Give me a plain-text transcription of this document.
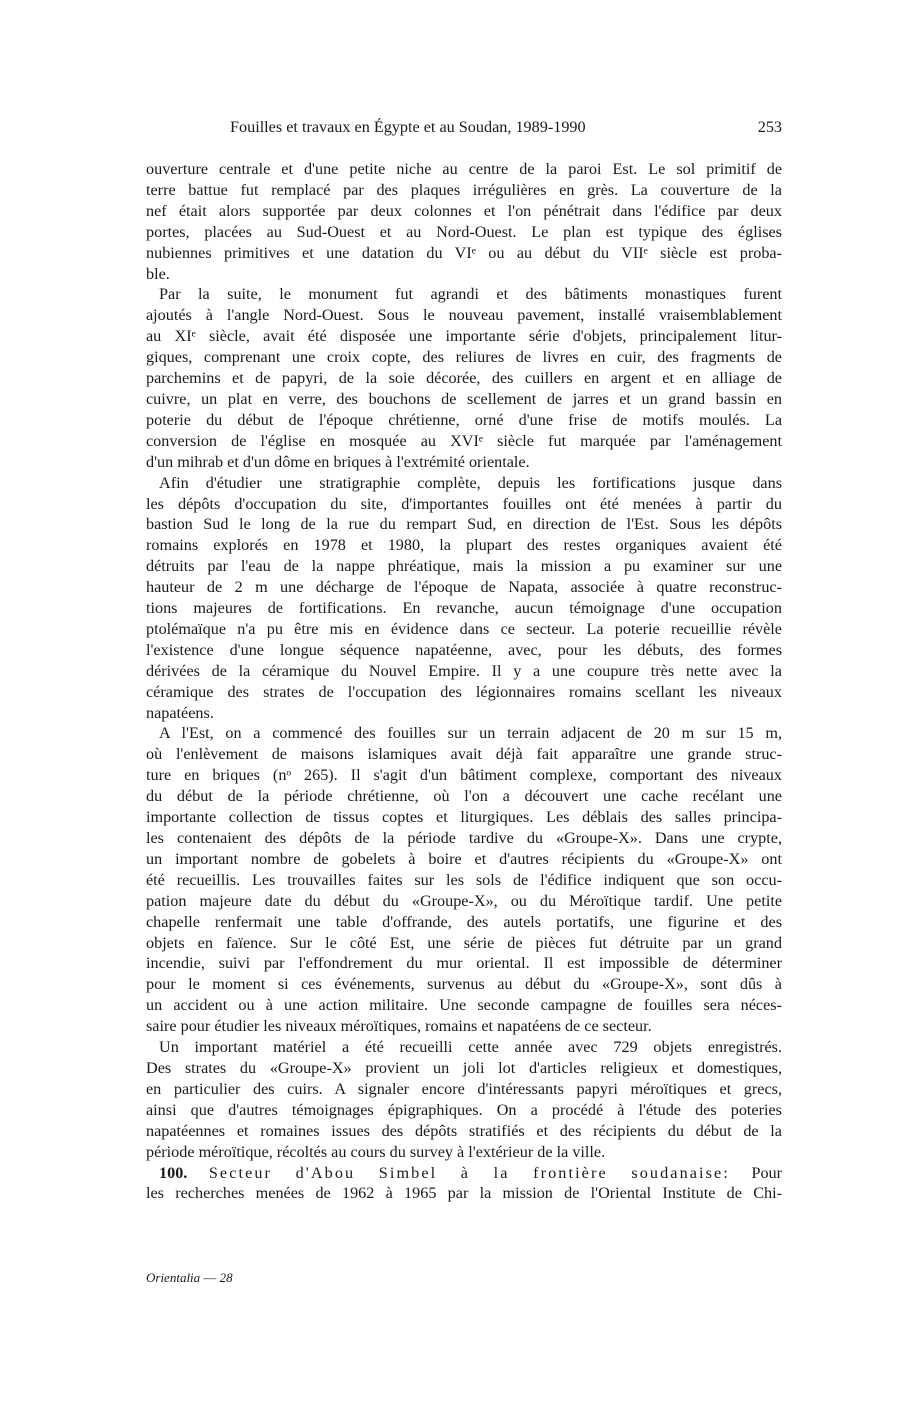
Fouilles et travaux en Égypte et au Soudan, 1989-1990	253
ouverture centrale et d'une petite niche au centre de la paroi Est. Le sol primitif de
terre battue fut remplacé par des plaques irrégulières en grès. La couverture de la
nef était alors supportée par deux colonnes et l'on pénétrait dans l'édifice par deux
portes, placées au Sud-Ouest et au Nord-Ouest. Le plan est typique des églises
nubiennes primitives et une datation du VIᵉ ou au début du VIIᵉ siècle est proba-
ble.
Par la suite, le monument fut agrandi et des bâtiments monastiques furent
ajoutés à l'angle Nord-Ouest. Sous le nouveau pavement, installé vraisemblablement
au XIᵉ siècle, avait été disposée une importante série d'objets, principalement litur-
giques, comprenant une croix copte, des reliures de livres en cuir, des fragments de
parchemins et de papyri, de la soie décorée, des cuillers en argent et en alliage de
cuivre, un plat en verre, des bouchons de scellement de jarres et un grand bassin en
poterie du début de l'époque chrétienne, orné d'une frise de motifs moulés. La
conversion de l'église en mosquée au XVIᵉ siècle fut marquée par l'aménagement
d'un mihrab et d'un dôme en briques à l'extrémité orientale.
Afin d'étudier une stratigraphie complète, depuis les fortifications jusque dans
les dépôts d'occupation du site, d'importantes fouilles ont été menées à partir du
bastion Sud le long de la rue du rempart Sud, en direction de l'Est. Sous les dépôts
romains explorés en 1978 et 1980, la plupart des restes organiques avaient été
détruits par l'eau de la nappe phréatique, mais la mission a pu examiner sur une
hauteur de 2 m une décharge de l'époque de Napata, associée à quatre reconstruc-
tions majeures de fortifications. En revanche, aucun témoignage d'une occupation
ptolémaïque n'a pu être mis en évidence dans ce secteur. La poterie recueillie révèle
l'existence d'une longue séquence napatéenne, avec, pour les débuts, des formes
dérivées de la céramique du Nouvel Empire. Il y a une coupure très nette avec la
céramique des strates de l'occupation des légionnaires romains scellant les niveaux
napatéens.
A l'Est, on a commencé des fouilles sur un terrain adjacent de 20 m sur 15 m,
où l'enlèvement de maisons islamiques avait déjà fait apparaître une grande struc-
ture en briques (nᵒ 265). Il s'agit d'un bâtiment complexe, comportant des niveaux
du début de la période chrétienne, où l'on a découvert une cache recélant une
importante collection de tissus coptes et liturgiques. Les déblais des salles principa-
les contenaient des dépôts de la période tardive du «Groupe-X». Dans une crypte,
un important nombre de gobelets à boire et d'autres récipients du «Groupe-X» ont
été recueillis. Les trouvailles faites sur les sols de l'édifice indiquent que son occu-
pation majeure date du début du «Groupe-X», ou du Méroïtique tardif. Une petite
chapelle renfermait une table d'offrande, des autels portatifs, une figurine et des
objets en faïence. Sur le côté Est, une série de pièces fut détruite par un grand
incendie, suivi par l'effondrement du mur oriental. Il est impossible de déterminer
pour le moment si ces événements, survenus au début du «Groupe-X», sont dûs à
un accident ou à une action militaire. Une seconde campagne de fouilles sera néces-
saire pour étudier les niveaux méroïtiques, romains et napatéens de ce secteur.
Un important matériel a été recueilli cette année avec 729 objets enregistrés.
Des strates du «Groupe-X» provient un joli lot d'articles religieux et domestiques,
en particulier des cuirs. A signaler encore d'intéressants papyri méroïtiques et grecs,
ainsi que d'autres témoignages épigraphiques. On a procédé à l'étude des poteries
napatéennes et romaines issues des dépôts stratifiés et des récipients du début de la
période méroïtique, récoltés au cours du survey à l'extérieur de la ville.
100. Secteur d'Abou Simbel à la frontière soudanaise: Pour
les recherches menées de 1962 à 1965 par la mission de l'Oriental Institute de Chi-
Orientalia — 28
